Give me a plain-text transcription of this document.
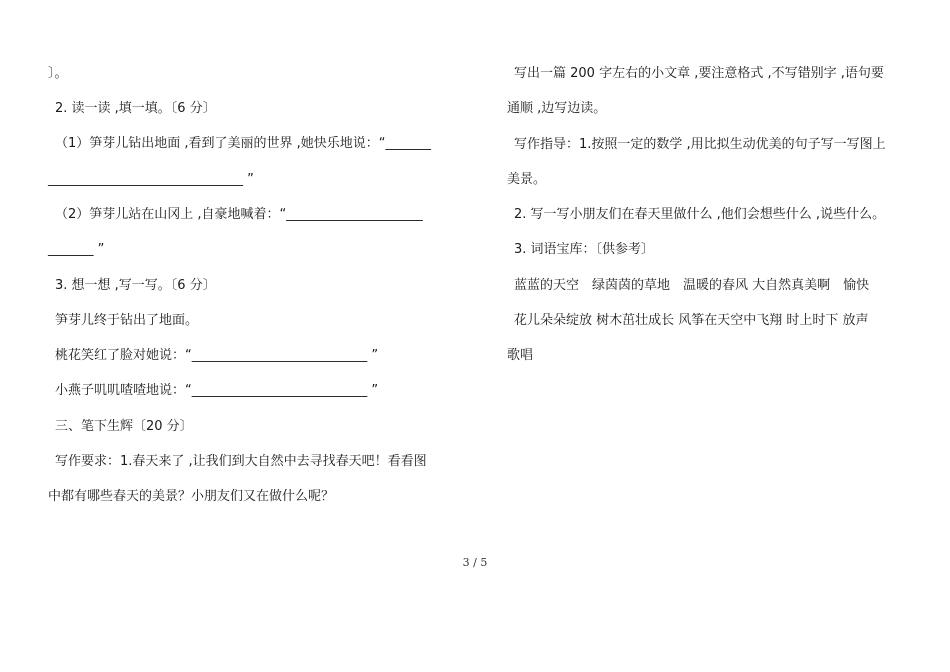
〕。
2. 读一读 ,填一填。〔6 分〕
（1）笋芽儿钻出地面 ,看到了美丽的世界 ,她快乐地说：“_______
______________________________ ”
（2）笋芽儿站在山冈上 ,自豪地喊着：“_____________________
_______ ”
3. 想一想 ,写一写。〔6 分〕
笋芽儿终于钻出了地面。
桃花笑红了脸对她说：“___________________________ ”
小燕子叽叽喳喳地说：“___________________________ ”
三、笔下生辉〔20 分〕
写作要求：1.春天来了 ,让我们到大自然中去寻找春天吧！看看图
中都有哪些春天的美景？小朋友们又在做什么呢？
写出一篇 200 字左右的小文章 ,要注意格式 ,不写错别字 ,语句要
通顺 ,边写边读。
写作指导：1.按照一定的数学 ,用比拟生动优美的句子写一写图上
美景。
2. 写一写小朋友们在春天里做什么 ,他们会想些什么 ,说些什么。
3. 词语宝库：〔供参考〕
蓝蓝的天空　绿茵茵的草地　温暖的春风 大自然真美啊　愉快
花儿朵朵绽放 树木茁壮成长 风筝在天空中飞翔 时上时下 放声
歌唱
3 / 5
